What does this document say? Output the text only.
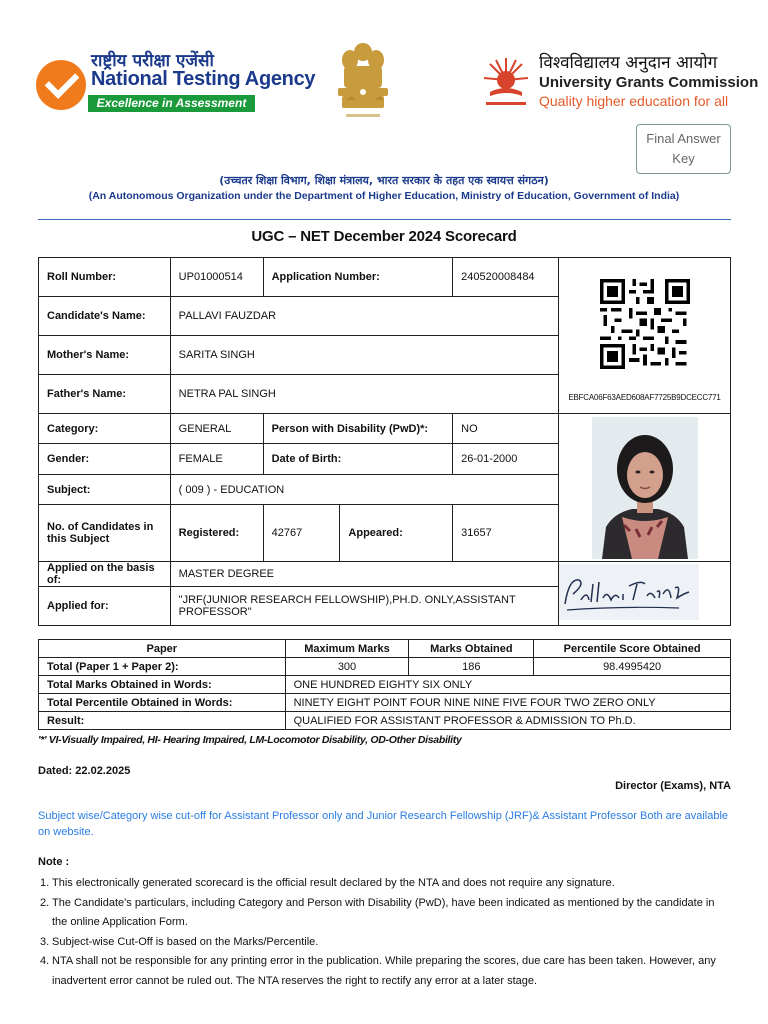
राष्ट्रीय परीक्षा एजेंसी
National Testing Agency
Excellence in Assessment
विश्वविद्यालय अनुदान आयोग
University Grants Commission
Quality higher education for all
Final Answer
Key
(उच्चतर शिक्षा विभाग, शिक्षा मंत्रालय, भारत सरकार के तहत एक स्वायत्त संगठन)
(An Autonomous Organization under the Department of Higher Education, Ministry of Education, Government of India)
UGC – NET December 2024 Scorecard
Roll Number:	UP01000514	Application Number:		240520008484	EBFCA06F63AED608AF7725B9DCECC771

Candidate's Name:	PALLAVI FAUZDAR				
Mother's Name:	SARITA SINGH				
Father's Name:	NETRA PAL SINGH				
Category:	GENERAL	Person with Disability (PwD)*:		NO	

Gender:	FEMALE	Date of Birth:		26-01-2000	
Subject:	( 009 ) - EDUCATION				
No. of Candidates in this Subject	Registered:	42767	Appeared:	31657	
Applied on the basis of:	MASTER DEGREE	
Applied for:	"JRF(JUNIOR RESEARCH FELLOWSHIP),PH.D. ONLY,ASSISTANT PROFESSOR"				
Paper	Maximum Marks	Marks Obtained	Percentile Score Obtained
Total (Paper 1 + Paper 2):	300	186	98.4995420
Total Marks Obtained in Words:	ONE HUNDRED EIGHTY SIX ONLY		
Total Percentile Obtained in Words:	NINETY EIGHT POINT FOUR NINE NINE FIVE FOUR TWO ZERO ONLY		
Result:	QUALIFIED FOR ASSISTANT PROFESSOR & ADMISSION TO Ph.D.		
'*' VI-Visually Impaired, HI- Hearing Impaired, LM-Locomotor Disability, OD-Other Disability
Dated: 22.02.2025
Director (Exams), NTA
Subject wise/Category wise cut-off for Assistant Professor only and Junior Research Fellowship (JRF)& Assistant Professor Both are available on website.
Note :
1. This electronically generated scorecard is the official result declared by the NTA and does not require any signature.
2. The Candidate's particulars, including Category and Person with Disability (PwD), have been indicated as mentioned by the candidate in the online Application Form.
3. Subject-wise Cut-Off is based on the Marks/Percentile.
4. NTA shall not be responsible for any printing error in the publication. While preparing the scores, due care has been taken. However, any inadvertent error cannot be ruled out. The NTA reserves the right to rectify any error at a later stage.
